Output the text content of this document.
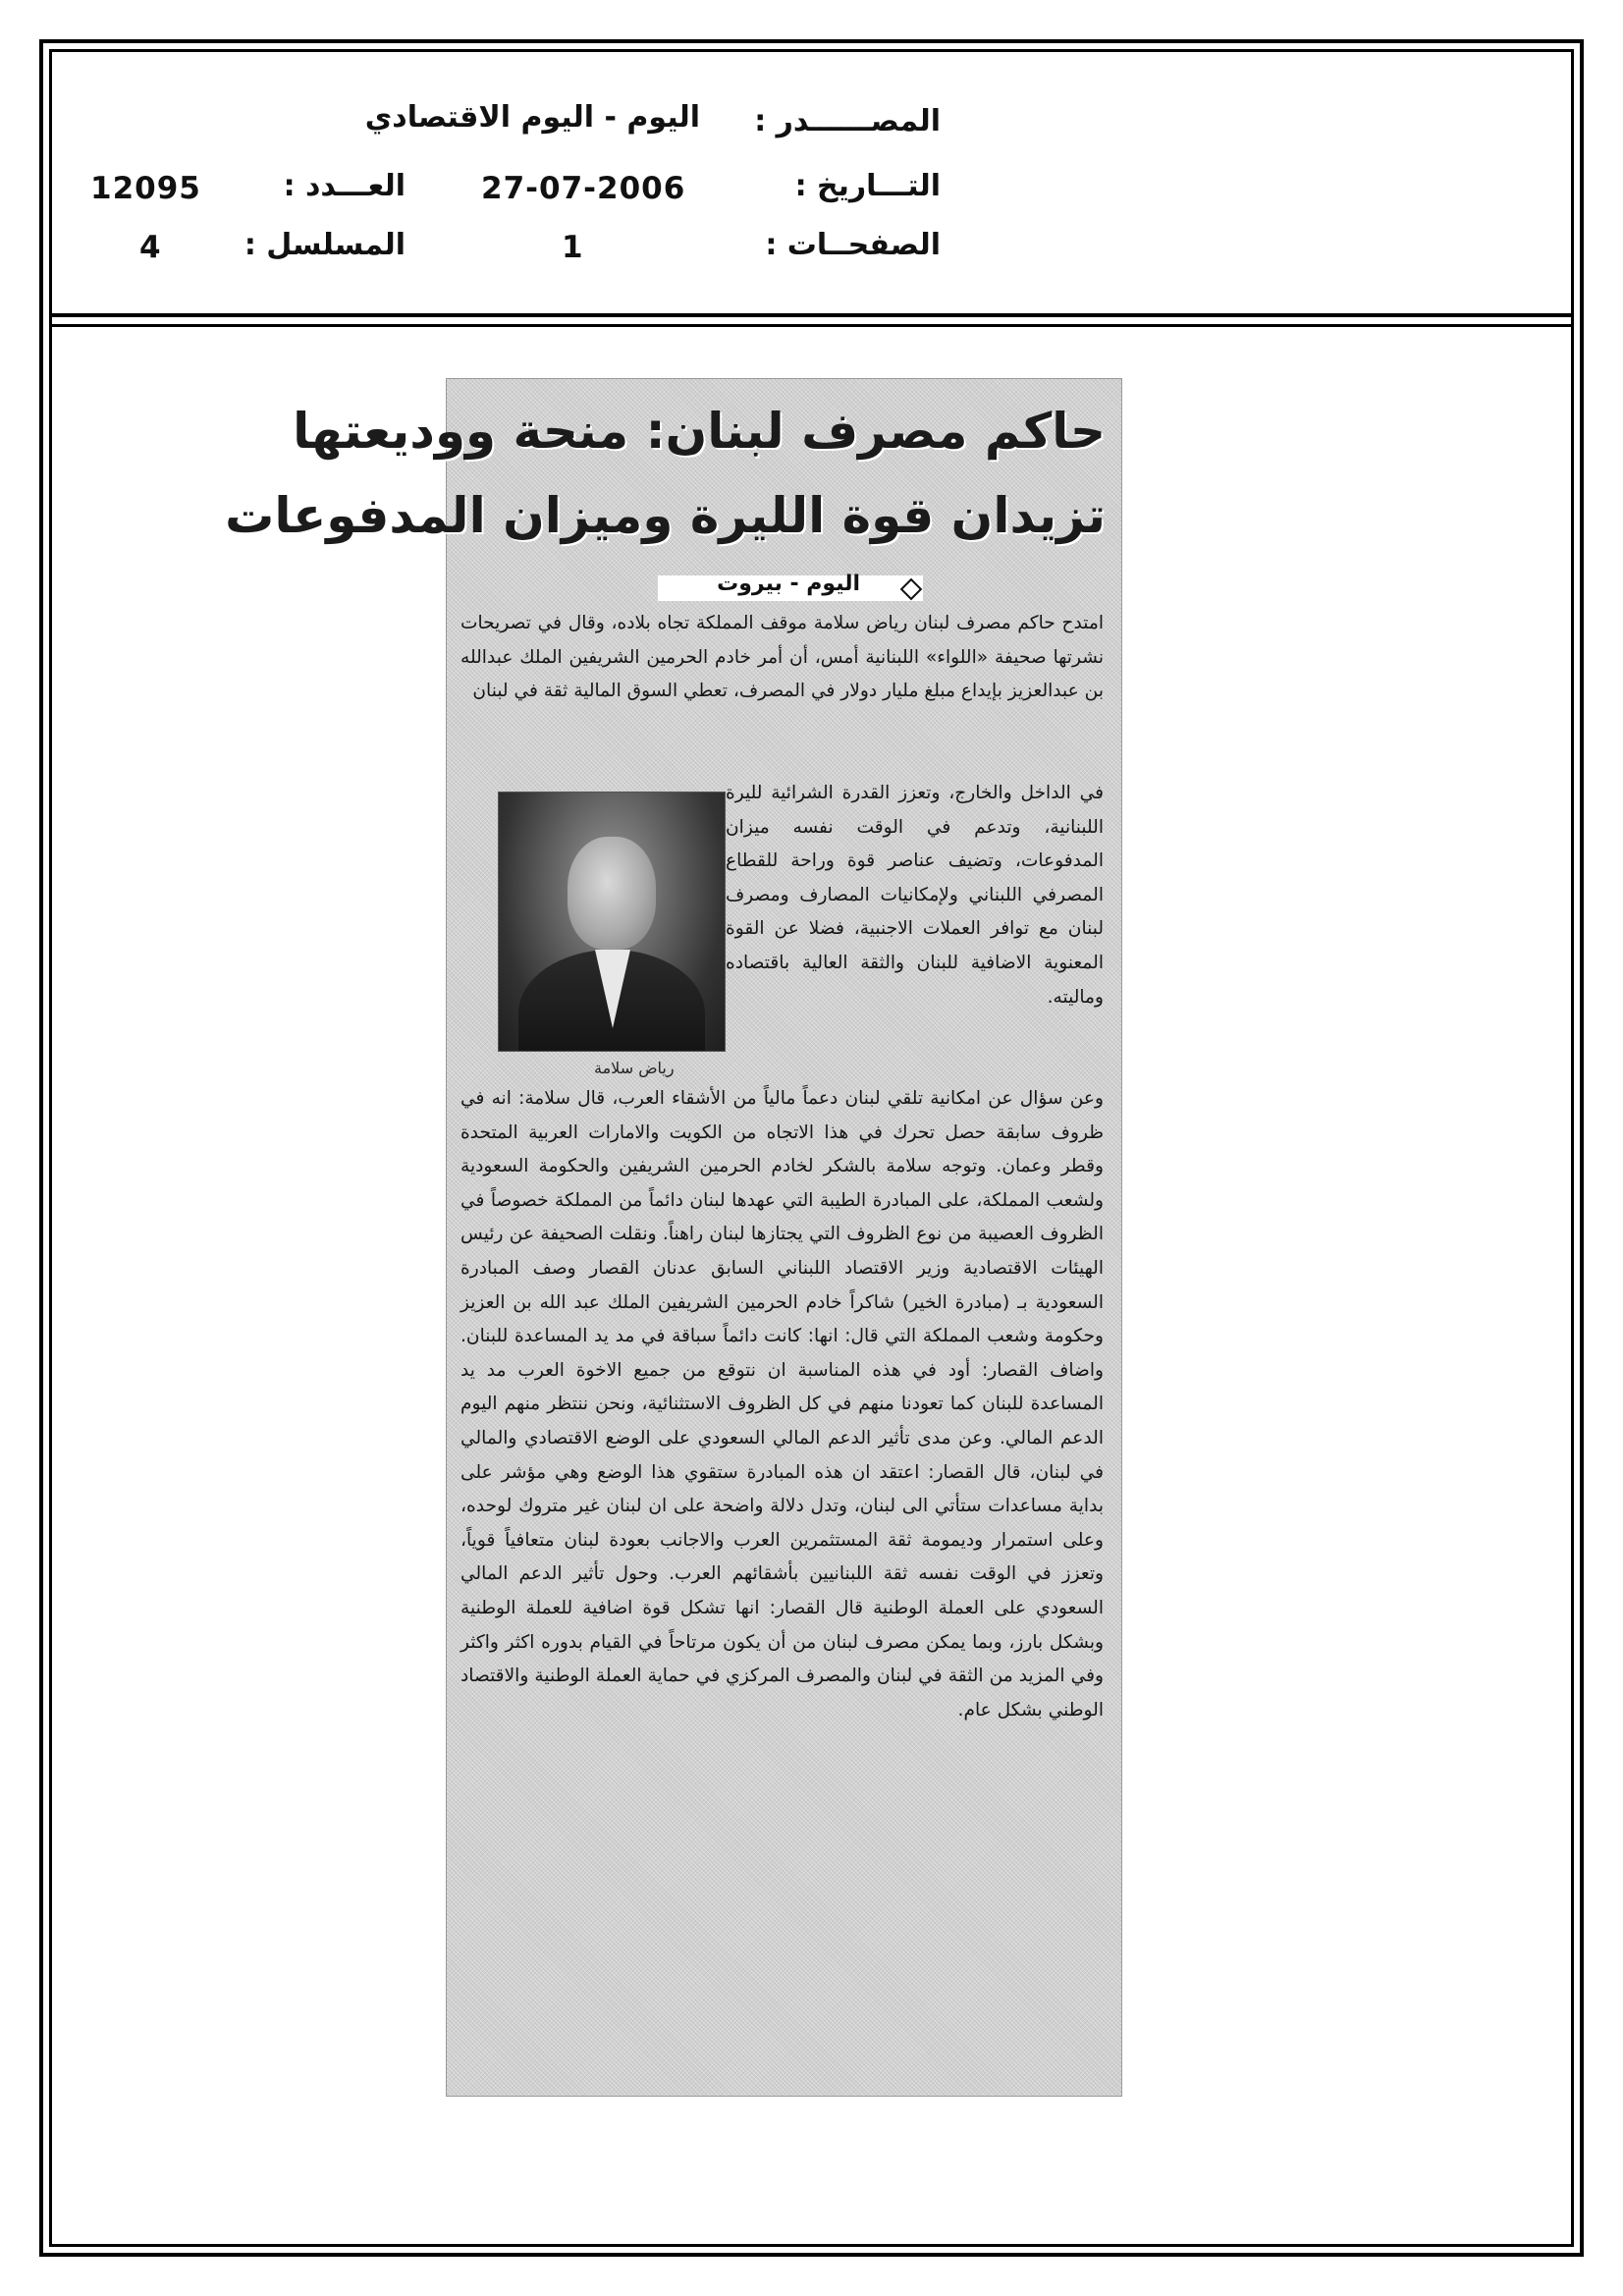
المصــــــدر :
اليوم - اليوم الاقتصادي
التـــاريخ :
27-07-2006
العـــدد :
12095
الصفحــات :
1
المسلسل :
4
حاكم مصرف لبنان: منحة ووديعتها
تزيدان قوة الليرة وميزان المدفوعات
اليوم - بيروت
امتدح حاكم مصرف لبنان رياض سلامة موقف المملكة تجاه بلاده، وقال في تصريحات نشرتها صحيفة «اللواء» اللبنانية أمس، أن أمر خادم الحرمين الشريفين الملك عبدالله بن عبدالعزيز بإيداع مبلغ مليار دولار في المصرف، تعطي السوق المالية ثقة في لبنان
في الداخل والخارج، وتعزز القدرة الشرائية لليرة اللبنانية، وتدعم في الوقت نفسه ميزان المدفوعات، وتضيف عناصر قوة وراحة للقطاع المصرفي اللبناني ولإمكانيات المصارف ومصرف لبنان مع توافر العملات الاجنبية، فضلا عن القوة المعنوية الاضافية للبنان والثقة العالية باقتصاده وماليته.
رياض سلامة
وعن سؤال عن امكانية تلقي لبنان دعماً مالياً من الأشقاء العرب، قال سلامة: انه في ظروف سابقة حصل تحرك في هذا الاتجاه من الكويت والامارات العربية المتحدة وقطر وعمان. وتوجه سلامة بالشكر لخادم الحرمين الشريفين والحكومة السعودية ولشعب المملكة، على المبادرة الطيبة التي عهدها لبنان دائماً من المملكة خصوصاً في الظروف العصيبة من نوع الظروف التي يجتازها لبنان راهناً. ونقلت الصحيفة عن رئيس الهيئات الاقتصادية وزير الاقتصاد اللبناني السابق عدنان القصار وصف المبادرة السعودية بـ (مبادرة الخير) شاكراً خادم الحرمين الشريفين الملك عبد الله بن العزيز وحكومة وشعب المملكة التي قال: انها: كانت دائماً سباقة في مد يد المساعدة للبنان. واضاف القصار: أود في هذه المناسبة ان نتوقع من جميع الاخوة العرب مد يد المساعدة للبنان كما تعودنا منهم في كل الظروف الاستثنائية، ونحن ننتظر منهم اليوم الدعم المالي. وعن مدى تأثير الدعم المالي السعودي على الوضع الاقتصادي والمالي في لبنان، قال القصار: اعتقد ان هذه المبادرة ستقوي هذا الوضع وهي مؤشر على بداية مساعدات ستأتي الى لبنان، وتدل دلالة واضحة على ان لبنان غير متروك لوحده، وعلى استمرار وديمومة ثقة المستثمرين العرب والاجانب بعودة لبنان متعافياً قوياً، وتعزز في الوقت نفسه ثقة اللبنانيين بأشقائهم العرب. وحول تأثير الدعم المالي السعودي على العملة الوطنية قال القصار: انها تشكل قوة اضافية للعملة الوطنية وبشكل بارز، وبما يمكن مصرف لبنان من أن يكون مرتاحاً في القيام بدوره اكثر واكثر وفي المزيد من الثقة في لبنان والمصرف المركزي في حماية العملة الوطنية والاقتصاد الوطني بشكل عام.
